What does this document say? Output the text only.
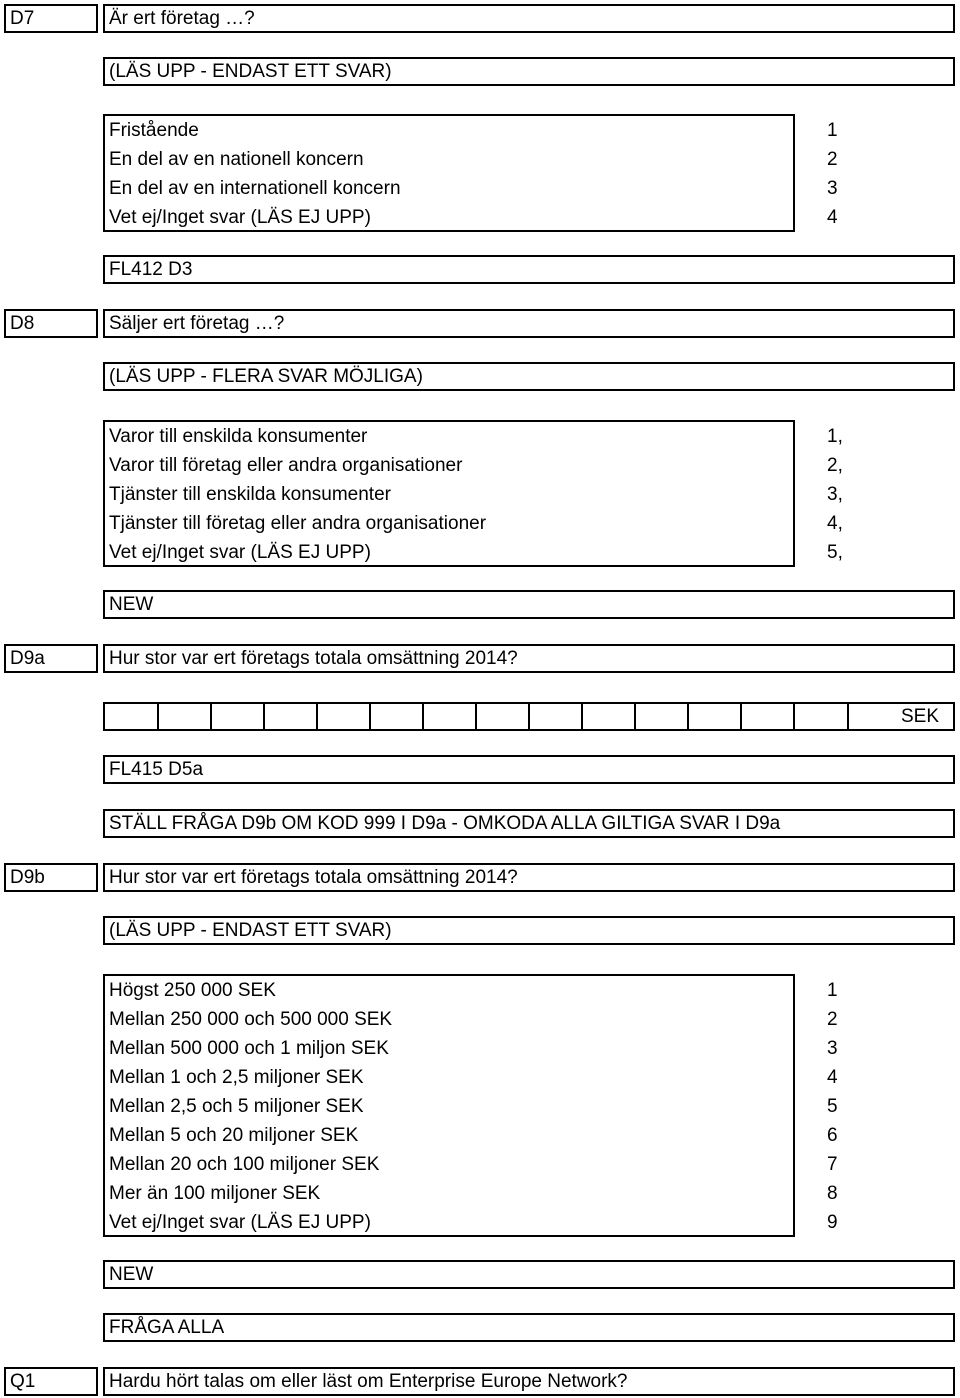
D7	Är ert företag …?
(LÄS UPP - ENDAST ETT SVAR)
Fristående	1
En del av en nationell koncern	2
En del av en internationell koncern	3
Vet ej/Inget svar (LÄS EJ UPP)	4
FL412 D3
D8	Säljer ert företag …?
(LÄS UPP - FLERA SVAR MÖJLIGA)
Varor till enskilda konsumenter	1,
Varor till företag eller andra organisationer	2,
Tjänster till enskilda konsumenter	3,
Tjänster till företag eller andra organisationer	4,
Vet ej/Inget svar (LÄS EJ UPP)	5,
NEW
D9a	Hur stor var ert företags totala omsättning 2014?
SEK
FL415 D5a
STÄLL FRÅGA D9b OM KOD 999 I D9a - OMKODA ALLA GILTIGA SVAR I D9a
D9b	Hur stor var ert företags totala omsättning 2014?
(LÄS UPP - ENDAST ETT SVAR)
Högst 250 000 SEK	1
Mellan 250 000 och 500 000 SEK	2
Mellan 500 000 och 1 miljon SEK	3
Mellan 1 och 2,5 miljoner SEK	4
Mellan 2,5 och 5 miljoner SEK	5
Mellan 5 och 20 miljoner SEK	6
Mellan 20 och 100 miljoner SEK	7
Mer än 100 miljoner SEK	8
Vet ej/Inget svar (LÄS EJ UPP)	9
NEW
FRÅGA ALLA
Q1	Hardu hört talas om eller läst om Enterprise Europe Network?
